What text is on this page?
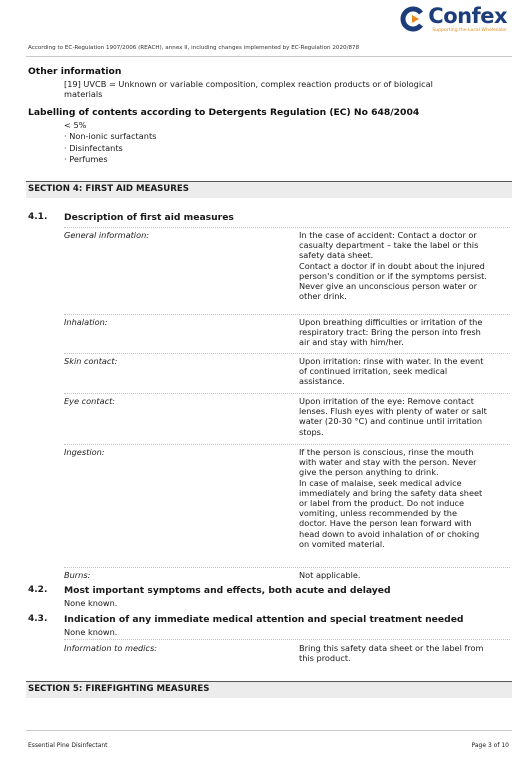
Confex
Supporting the Local Wholesaler
According to EC-Regulation 1907/2006 (REACH), annex II, including changes implemented by EC-Regulation 2020/878
Other information
[19] UVCB = Unknown or variable composition, complex reaction products or of biological
materials
Labelling of contents according to Detergents Regulation (EC) No 648/2004
< 5%
· Non-ionic surfactants
· Disinfectants
· Perfumes
SECTION 4: FIRST AID MEASURES
4.1. Description of first aid measures
General information:	In the case of accident: Contact a doctor or
casualty department – take the label or this
safety data sheet.
Contact a doctor if in doubt about the injured
person's condition or if the symptoms persist.
Never give an unconscious person water or
other drink.
Inhalation:	Upon breathing difficulties or irritation of the
respiratory tract: Bring the person into fresh
air and stay with him/her.
Skin contact:	Upon irritation: rinse with water. In the event
of continued irritation, seek medical
assistance.
Eye contact:	Upon irritation of the eye: Remove contact
lenses. Flush eyes with plenty of water or salt
water (20-30 °C) and continue until irritation
stops.
Ingestion:	If the person is conscious, rinse the mouth
with water and stay with the person. Never
give the person anything to drink.
In case of malaise, seek medical advice
immediately and bring the safety data sheet
or label from the product. Do not induce
vomiting, unless recommended by the
doctor. Have the person lean forward with
head down to avoid inhalation of or choking
on vomited material.
Burns:	Not applicable.
4.2. Most important symptoms and effects, both acute and delayed
None known.
4.3. Indication of any immediate medical attention and special treatment needed
None known.
Information to medics:	Bring this safety data sheet or the label from
this product.
SECTION 5: FIREFIGHTING MEASURES
Essential Pine Disinfectant	Page 3 of 10
